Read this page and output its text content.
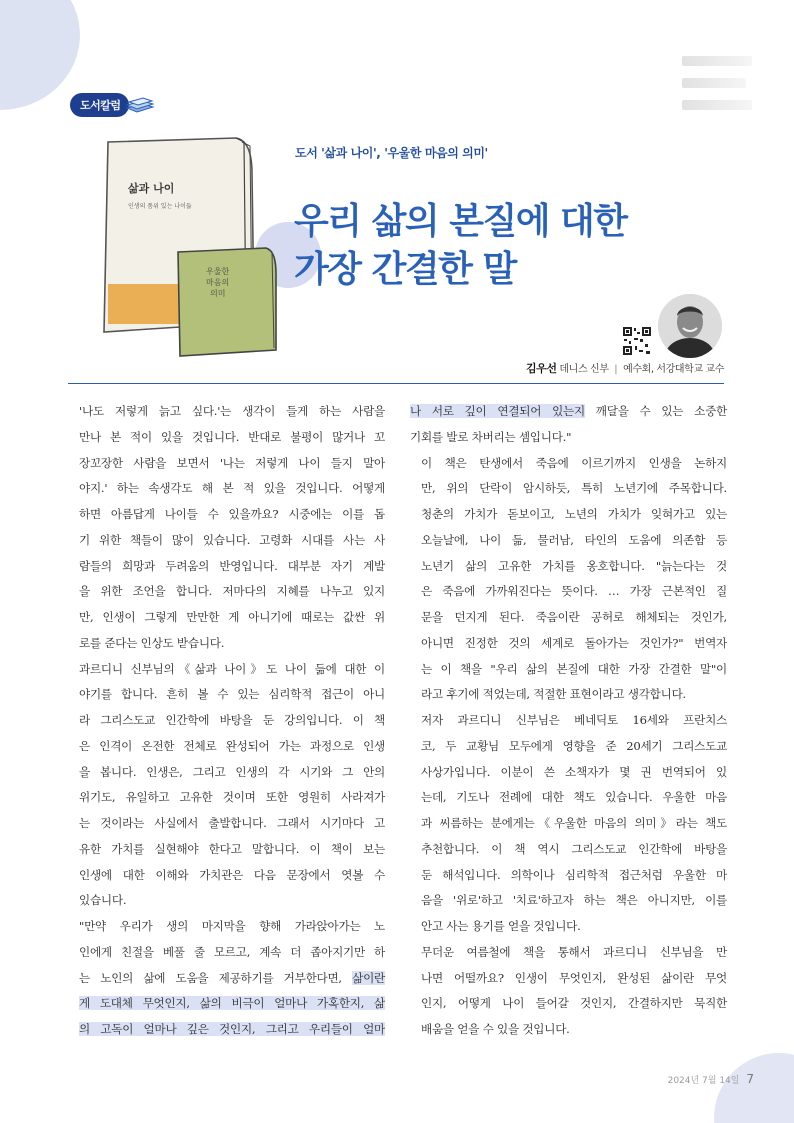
도서칼럼
삶과 나이
인생의 품위 있는 나이듦
우울한
마음의
의미
도서 '삶과 나이', '우울한 마음의 의미'
우리 삶의 본질에 대한
가장 간결한 말
김우선 데니스 신부 | 예수회, 서강대학교 교수

'나도 저렇게 늙고 싶다.'는 생각이 들게 하는 사람을
만나 본 적이 있을 것입니다. 반대로 불평이 많거나 꼬
장꼬장한 사람을 보면서 '나는 저렇게 나이 들지 말아
야지.' 하는 속생각도 해 본 적 있을 것입니다. 어떻게
하면 아름답게 나이들 수 있을까요? 시중에는 이를 돕
기 위한 책들이 많이 있습니다. 고령화 시대를 사는 사
람들의 희망과 두려움의 반영입니다. 대부분 자기 계발
을 위한 조언을 합니다. 저마다의 지혜를 나누고 있지
만, 인생이 그렇게 만만한 게 아니기에 때로는 값싼 위
로를 준다는 인상도 받습니다.

과르디니 신부님의《삶과 나이》도 나이 듦에 대한 이
야기를 합니다. 흔히 볼 수 있는 심리학적 접근이 아니
라 그리스도교 인간학에 바탕을 둔 강의입니다. 이 책
은 인격이 온전한 전체로 완성되어 가는 과정으로 인생
을 봅니다. 인생은, 그리고 인생의 각 시기와 그 안의
위기도, 유일하고 고유한 것이며 또한 영원히 사라져가
는 것이라는 사실에서 출발합니다. 그래서 시기마다 고
유한 가치를 실현해야 한다고 말합니다. 이 책이 보는
인생에 대한 이해와 가치관은 다음 문장에서 엿볼 수
있습니다.

"만약 우리가 생의 마지막을 향해 가라앉아가는 노
인에게 친절을 베풀 줄 모르고, 계속 더 좁아지기만 하
는 노인의 삶에 도움을 제공하기를 거부한다면, 삶이란
게 도대체 무엇인지, 삶의 비극이 얼마나 가혹한지, 삶
의 고독이 얼마나 깊은 것인지, 그리고 우리들이 얼마

나 서로 깊이 연결되어 있는지 깨달을 수 있는 소중한
기회를 발로 차버리는 셈입니다."

이 책은 탄생에서 죽음에 이르기까지 인생을 논하지
만, 위의 단락이 암시하듯, 특히 노년기에 주목합니다.
청춘의 가치가 돋보이고, 노년의 가치가 잊혀가고 있는
오늘날에, 나이 듦, 물러남, 타인의 도움에 의존함 등
노년기 삶의 고유한 가치를 옹호합니다. "늙는다는 것
은 죽음에 가까워진다는 뜻이다. … 가장 근본적인 질
문을 던지게 된다. 죽음이란 공허로 해체되는 것인가,
아니면 진정한 것의 세계로 돌아가는 것인가?" 번역자
는 이 책을 "우리 삶의 본질에 대한 가장 간결한 말"이
라고 후기에 적었는데, 적절한 표현이라고 생각합니다.

저자 과르디니 신부님은 베네딕토 16세와 프란치스
코, 두 교황님 모두에게 영향을 준 20세기 그리스도교
사상가입니다. 이분이 쓴 소책자가 몇 권 번역되어 있
는데, 기도나 전례에 대한 책도 있습니다. 우울한 마음
과 씨름하는 분에게는《우울한 마음의 의미》라는 책도
추천합니다. 이 책 역시 그리스도교 인간학에 바탕을
둔 해석입니다. 의학이나 심리학적 접근처럼 우울한 마
음을 '위로'하고 '치료'하고자 하는 책은 아니지만, 이를
안고 사는 용기를 얻을 것입니다.

무더운 여름철에 책을 통해서 과르디니 신부님을 만
나면 어떨까요? 인생이 무엇인지, 완성된 삶이란 무엇
인지, 어떻게 나이 들어갈 것인지, 간결하지만 묵직한
배움을 얻을 수 있을 것입니다.

2024년 7월 14일 7
